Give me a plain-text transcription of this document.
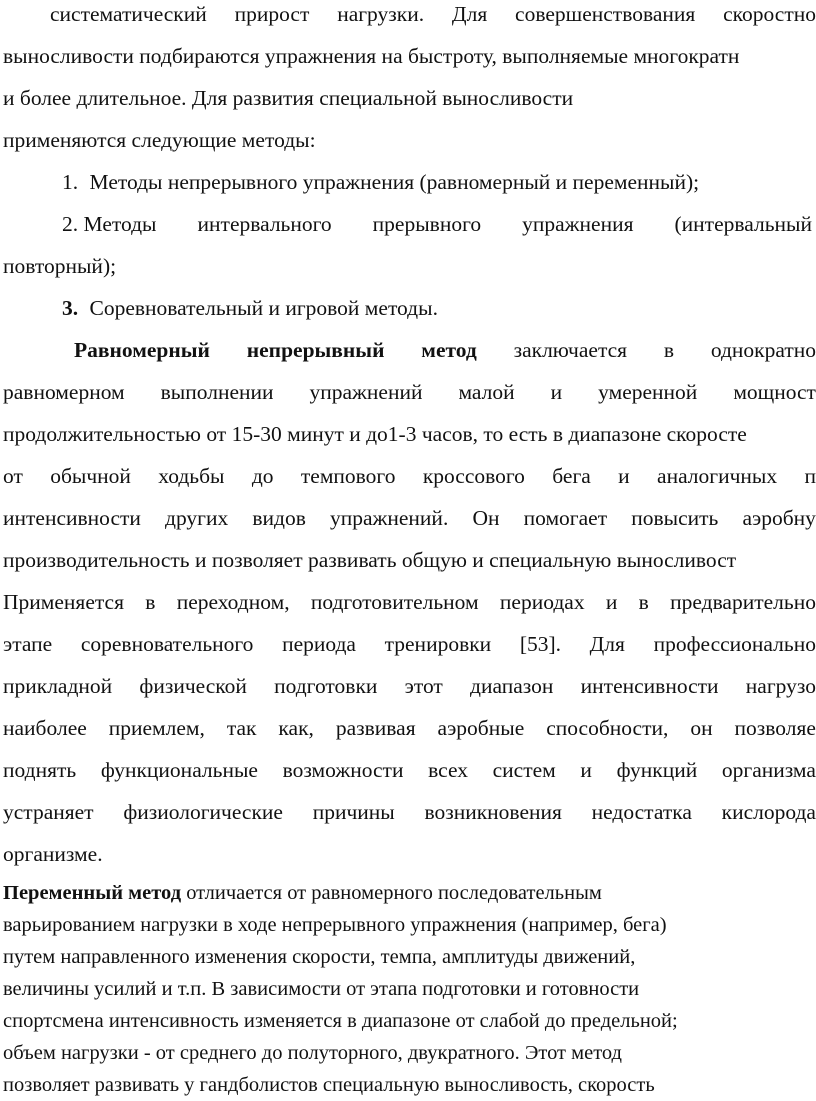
систематический прирост нагрузки. Для совершенствования скоростно
выносливости подбираются упражнения на быстроту, выполняемые многократн
и более длительное. Для развития специальной выносливости
применяются следующие методы:
1. Методы непрерывного упражнения (равномерный и переменный);
2. Методы интервального прерывного упражнения (интервальный
повторный);
3. Соревновательный и игровой методы.
Равномерный непрерывный метод заключается в однократно
равномерном выполнении упражнений малой и умеренной мощност
продолжительностью от 15-30 минут и до1-3 часов, то есть в диапазоне скоросте
от обычной ходьбы до темпового кроссового бега и аналогичных п
интенсивности других видов упражнений. Он помогает повысить аэробну
производительность и позволяет развивать общую и специальную выносливост
Применяется в переходном, подготовительном периодах и в предварительно
этапе соревновательного периода тренировки [53]. Для профессионально
прикладной физической подготовки этот диапазон интенсивности нагрузо
наиболее приемлем, так как, развивая аэробные способности, он позволяе
поднять функциональные возможности всех систем и функций организма
устраняет физиологические причины возникновения недостатка кислорода
организме.
Переменный метод отличается от равномерного последовательным
варьированием нагрузки в ходе непрерывного упражнения (например, бега)
путем направленного изменения скорости, темпа, амплитуды движений,
величины усилий и т.п. В зависимости от этапа подготовки и готовности
спортсмена интенсивность изменяется в диапазоне от слабой до предельной;
объем нагрузки - от среднего до полуторного, двукратного. Этот метод
позволяет развивать у гандболистов специальную выносливость, скорость
